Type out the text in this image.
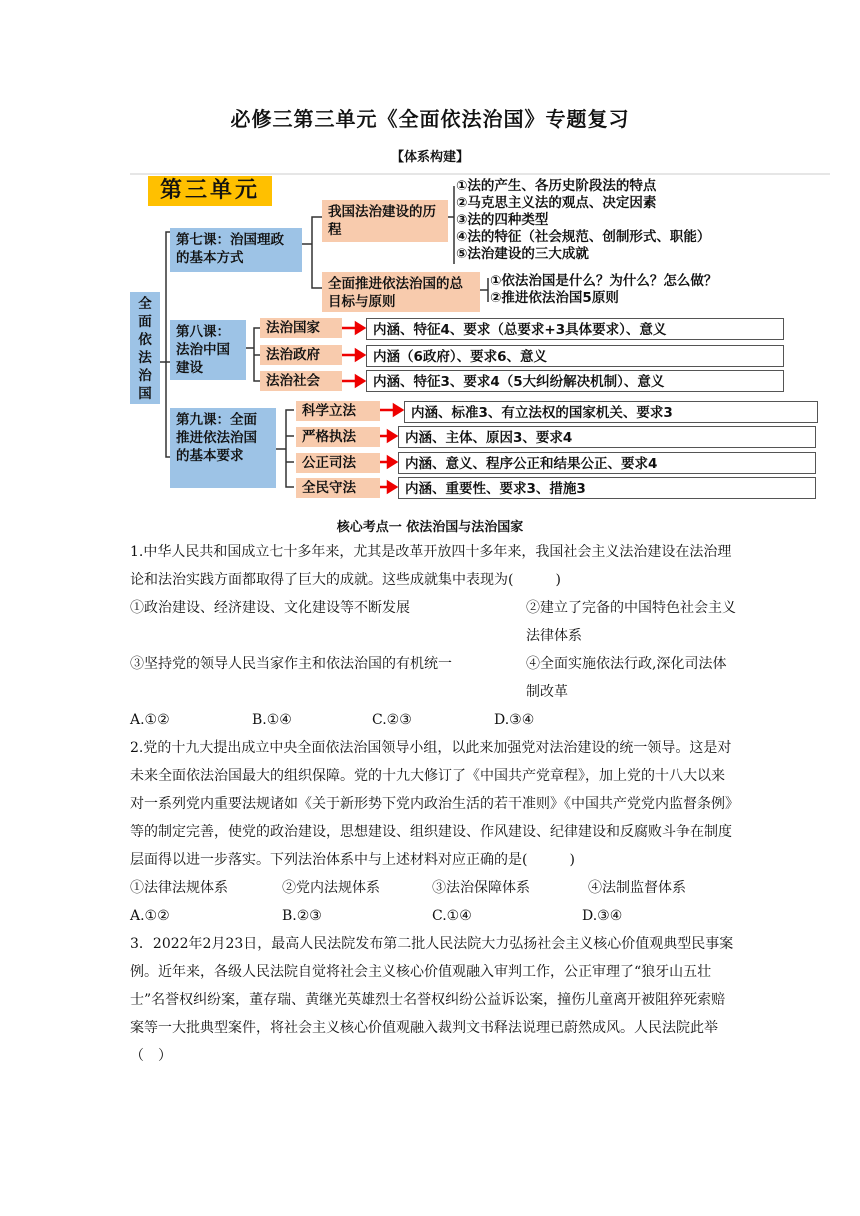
必修三第三单元《全面依法治国》专题复习
【体系构建】
第三单元
全面依法治国
第七课：治国理政的基本方式
我国法治建设的历程
全面推进依法治国的总目标与原则
①法的产生、各历史阶段法的特点
②马克思主义法的观点、决定因素
③法的四种类型
④法的特征（社会规范、创制形式、职能）
⑤法治建设的三大成就
①依法治国是什么？为什么？怎么做？
②推进依法治国5原则
第八课：法治中国建设
法治国家
法治政府
法治社会
内涵、特征4、要求（总要求+3具体要求）、意义
内涵（6政府）、要求6、意义
内涵、特征3、要求4（5大纠纷解决机制）、意义
第九课：全面推进依法治国的基本要求
科学立法
严格执法
公正司法
全民守法
内涵、标准3、有立法权的国家机关、要求3
内涵、主体、原因3、要求4
内涵、意义、程序公正和结果公正、要求4
内涵、重要性、要求3、措施3
核心考点一 依法治国与法治国家

1.中华人民共和国成立七十多年来，尤其是改革开放四十多年来，我国社会主义法治建设在法治理论和法治实践方面都取得了巨大的成就。这些成就集中表现为(　　　)

①政治建设、经济建设、文化建设等不断发展	②建立了完备的中国特色社会主义法律体系
③坚持党的领导人民当家作主和依法治国的有机统一	④全面实施依法行政,深化司法体制改革
A.①②	B.①④	C.②③	D.③④

2.党的十九大提出成立中央全面依法治国领导小组，以此来加强党对法治建设的统一领导。这是对未来全面依法治国最大的组织保障。党的十九大修订了《中国共产党章程》，加上党的十八大以来对一系列党内重要法规诸如《关于新形势下党内政治生活的若干准则》《中国共产党党内监督条例》等的制定完善，使党的政治建设，思想建设、组织建设、作风建设、纪律建设和反腐败斗争在制度层面得以进一步落实。下列法治体系中与上述材料对应正确的是(　　　)

①法律法规体系	②党内法规体系	③法治保障体系	④法制监督体系
A.①②	B.②③	C.①④	D.③④

3．2022年2月23日，最高人民法院发布第二批人民法院大力弘扬社会主义核心价值观典型民事案例。近年来，各级人民法院自觉将社会主义核心价值观融入审判工作，公正审理了“狼牙山五壮士”名誉权纠纷案，董存瑞、黄继光英雄烈士名誉权纠纷公益诉讼案，撞伤儿童离开被阻猝死索赔案等一大批典型案件，将社会主义核心价值观融入裁判文书释法说理已蔚然成风。人民法院此举（　）
